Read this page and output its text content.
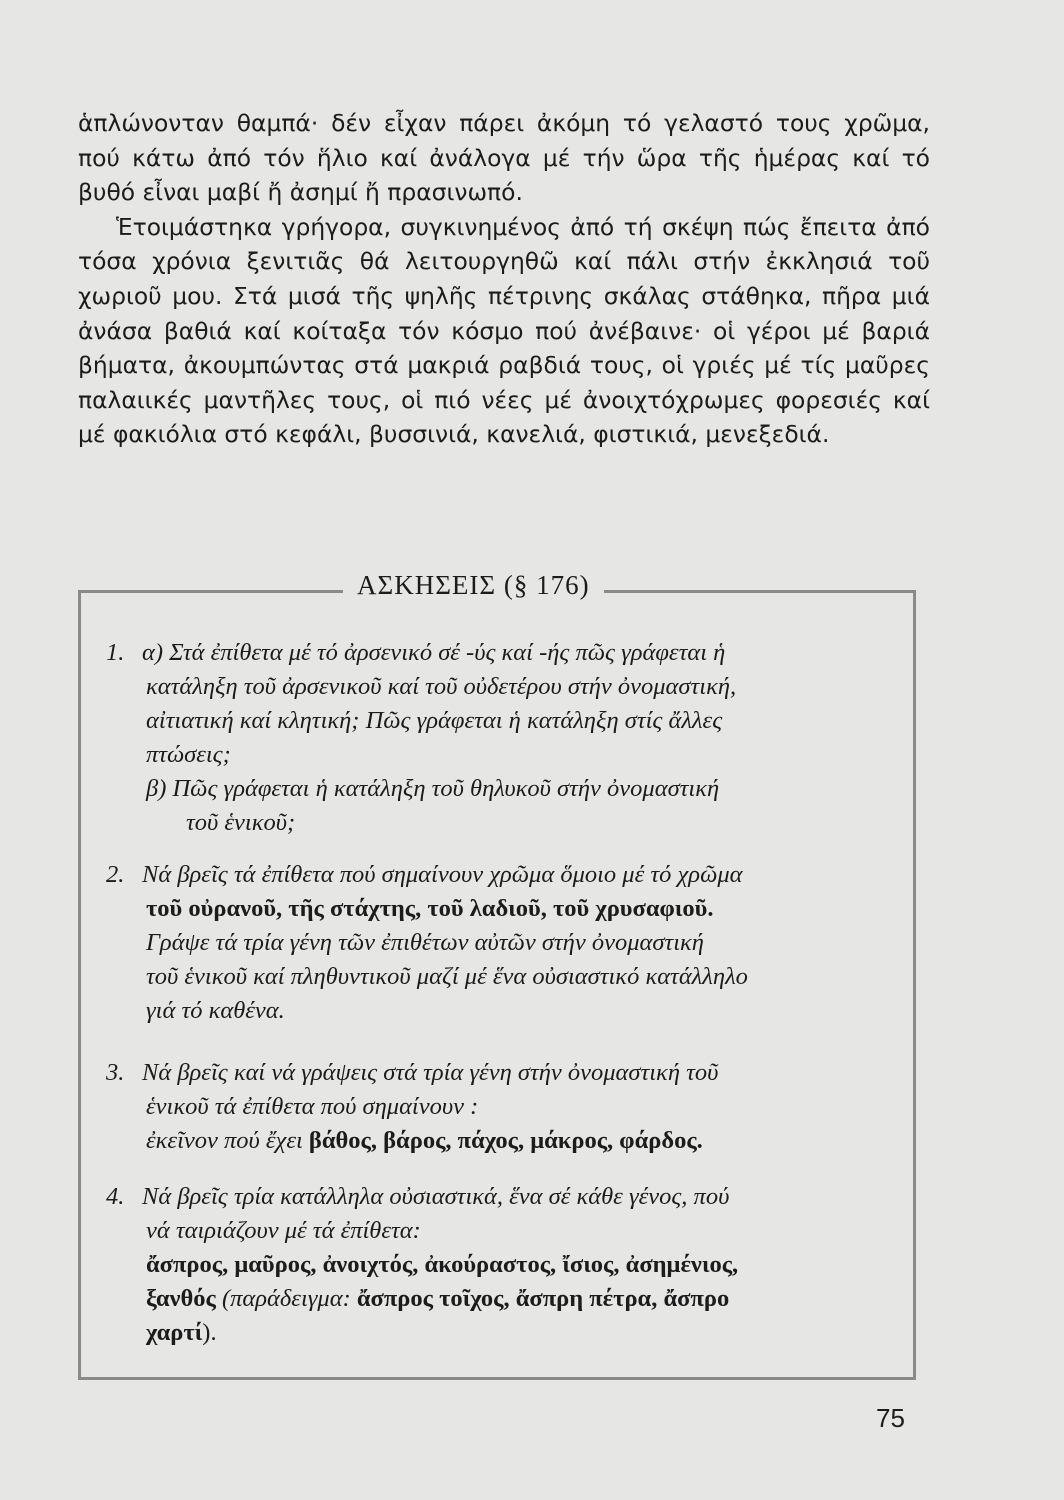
ἁπλώνονταν θαμπά· δέν εἶχαν πάρει ἀκόμη τό γελαστό τους χρῶμα, πού κάτω ἀπό τόν ἥλιο καί ἀνάλογα μέ τήν ὥρα τῆς ἡμέρας καί τό βυθό εἶναι μαβί ἤ ἀσημί ἤ πρασινωπό.

Ἑτοιμάστηκα γρήγορα, συγκινημένος ἀπό τή σκέψη πώς ἔπειτα ἀπό τόσα χρόνια ξενιτιᾶς θά λειτουργηθῶ καί πάλι στήν ἐκκλησιά τοῦ χωριοῦ μου. Στά μισά τῆς ψηλῆς πέτρινης σκάλας στάθηκα, πῆρα μιά ἀνάσα βαθιά καί κοίταξα τόν κόσμο πού ἀνέβαινε· οἱ γέροι μέ βαριά βήματα, ἀκουμπώντας στά μακριά ραβδιά τους, οἱ γριές μέ τίς μαῦρες παλαιικές μαντῆλες τους, οἱ πιό νέες μέ ἀνοιχτόχρωμες φορεσιές καί μέ φακιόλια στό κεφάλι, βυσσινιά, κανελιά, φιστικιά, μενεξεδιά.

ΑΣΚΗΣΕΙΣ (§ 176)
1. α) Στά ἐπίθετα μέ τό ἀρσενικό σέ -ύς καί -ής πῶς γράφεται ἡ
κατάληξη τοῦ ἀρσενικοῦ καί τοῦ οὐδετέρου στήν ὀνομαστική,
αἰτιατική καί κλητική; Πῶς γράφεται ἡ κατάληξη στίς ἄλλες
πτώσεις;
β) Πῶς γράφεται ἡ κατάληξη τοῦ θηλυκοῦ στήν ὀνομαστική
τοῦ ἑνικοῦ;
2. Νά βρεῖς τά ἐπίθετα πού σημαίνουν χρῶμα ὅμοιο μέ τό χρῶμα
τοῦ οὐρανοῦ, τῆς στάχτης, τοῦ λαδιοῦ, τοῦ χρυσαφιοῦ.
Γράψε τά τρία γένη τῶν ἐπιθέτων αὐτῶν στήν ὀνομαστική
τοῦ ἑνικοῦ καί πληθυντικοῦ μαζί μέ ἕνα οὐσιαστικό κατάλληλο
γιά τό καθένα.
3. Νά βρεῖς καί νά γράψεις στά τρία γένη στήν ὀνομαστική τοῦ
ἑνικοῦ τά ἐπίθετα πού σημαίνουν :
ἐκεῖνον πού ἔχει βάθος, βάρος, πάχος, μάκρος, φάρδος.
4. Νά βρεῖς τρία κατάλληλα οὐσιαστικά, ἕνα σέ κάθε γένος, πού
νά ταιριάζουν μέ τά ἐπίθετα:
ἄσπρος, μαῦρος, ἀνοιχτός, ἀκούραστος, ἴσιος, ἀσημένιος,
ξανθός (παράδειγμα: ἄσπρος τοῖχος, ἄσπρη πέτρα, ἄσπρο
χαρτί).
75
